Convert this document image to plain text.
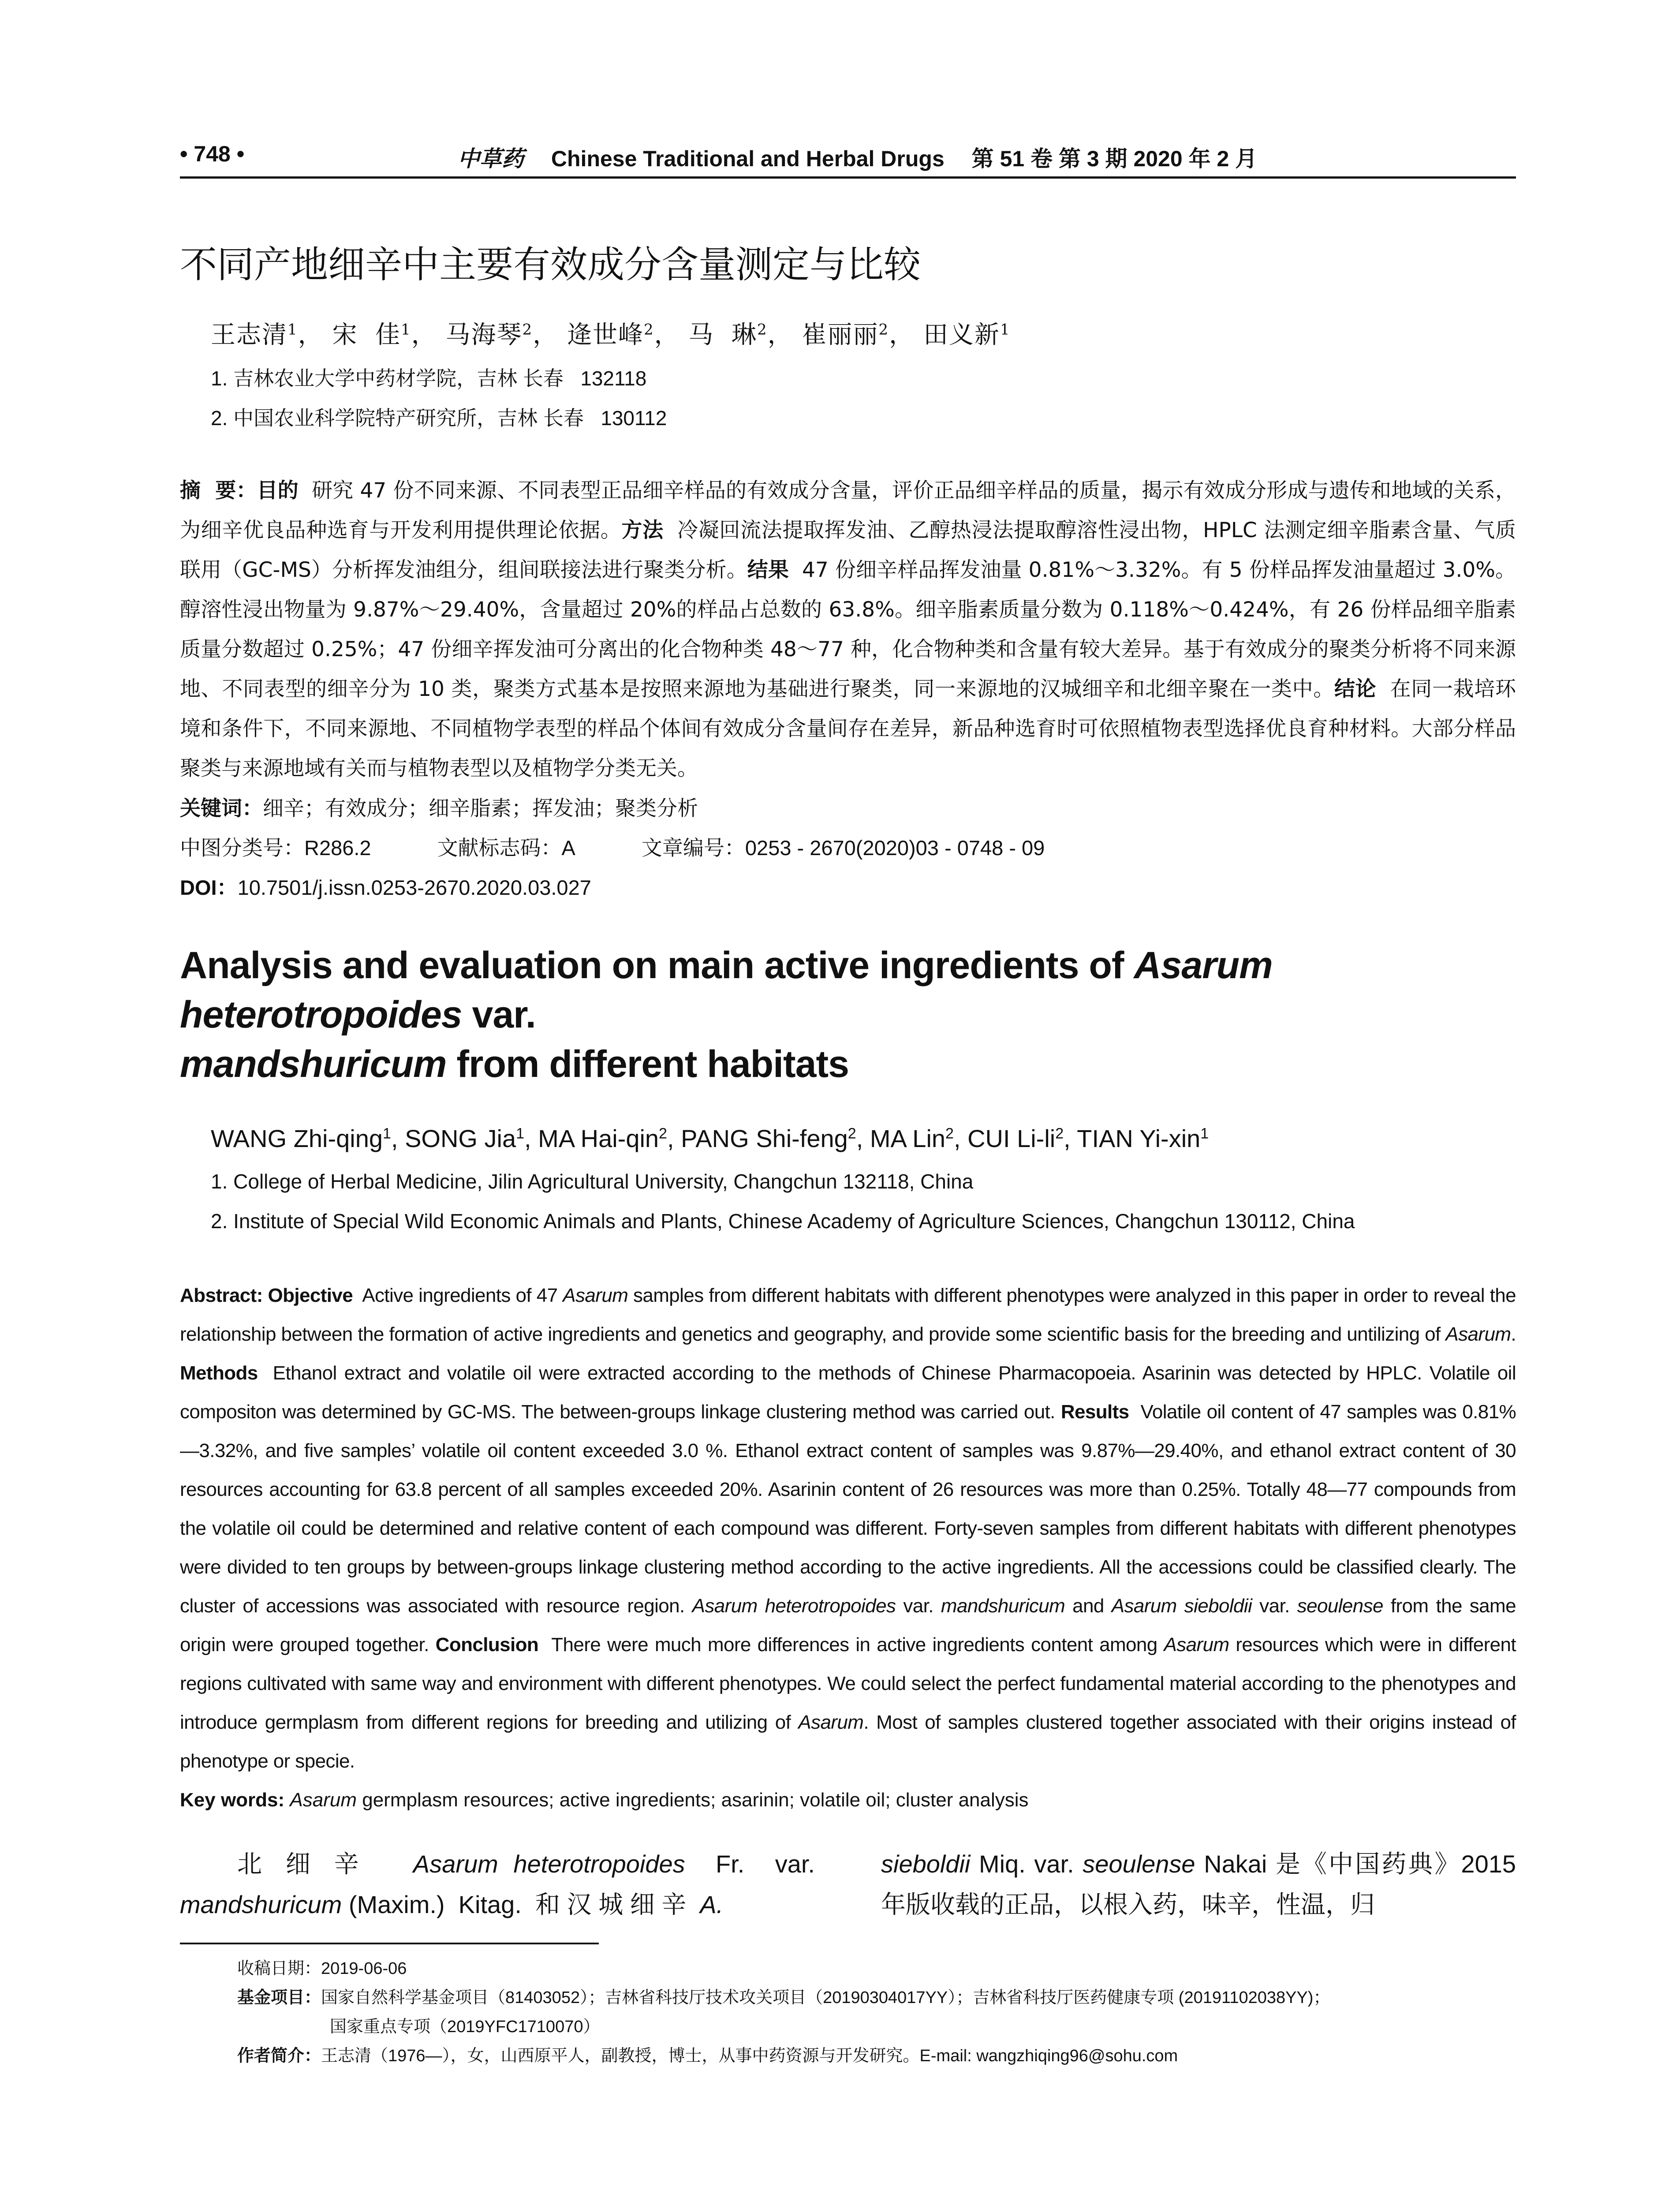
• 748 •	中草药 Chinese Traditional and Herbal Drugs 第 51 卷 第 3 期 2020 年 2 月
不同产地细辛中主要有效成分含量测定与比较
王志清$^1$， 宋  佳$^1$， 马海琴$^2$， 逄世峰$^2$， 马  琳$^2$， 崔丽丽$^2$， 田义新$^1$
1. 吉林农业大学中药材学院，吉林 长春   132118
2. 中国农业科学院特产研究所，吉林 长春   130112
摘  要：目的  研究 47 份不同来源、不同表型正品细辛样品的有效成分含量，评价正品细辛样品的质量，揭示有效成分形成与遗传和地域的关系，为细辛优良品种选育与开发利用提供理论依据。方法  冷凝回流法提取挥发油、乙醇热浸法提取醇溶性浸出物，HPLC 法测定细辛脂素含量、气质联用（GC-MS）分析挥发油组分，组间联接法进行聚类分析。结果  47 份细辛样品挥发油量 0.81%～3.32%。有 5 份样品挥发油量超过 3.0%。醇溶性浸出物量为 9.87%～29.40%，含量超过 20%的样品占总数的 63.8%。细辛脂素质量分数为 0.118%～0.424%，有 26 份样品细辛脂素质量分数超过 0.25%；47 份细辛挥发油可分离出的化合物种类 48～77 种，化合物种类和含量有较大差异。基于有效成分的聚类分析将不同来源地、不同表型的细辛分为 10 类，聚类方式基本是按照来源地为基础进行聚类，同一来源地的汉城细辛和北细辛聚在一类中。结论  在同一栽培环境和条件下，不同来源地、不同植物学表型的样品个体间有效成分含量间存在差异，新品种选育时可依照植物表型选择优良育种材料。大部分样品聚类与来源地域有关而与植物表型以及植物学分类无关。
关键词：细辛；有效成分；细辛脂素；挥发油；聚类分析
中图分类号：R286.2	文献标志码：A	文章编号：0253 - 2670(2020)03 - 0748 - 09
DOI：10.7501/j.issn.0253-2670.2020.03.027
Analysis and evaluation on main active ingredients of Asarum heterotropoides var.
mandshuricum from different habitats
WANG Zhi-qing$^1$, SONG Jia$^1$, MA Hai-qin$^2$, PANG Shi-feng$^2$, MA Lin$^2$, CUI $Li-li^2$, TIAN Yi-xin$^1$
1. College of Herbal Medicine, Jilin Agricultural University, Changchun 132118, China
2. Institute of Special Wild Economic Animals and Plants, Chinese Academy of Agriculture Sciences, Changchun 130112, China
Abstract: Objective  Active ingredients of 47 Asarum samples from different habitats with different phenotypes were analyzed in this paper in order to reveal the relationship between the formation of active ingredients and genetics and geography, and provide some scientific basis for the breeding and untilizing of Asarum. Methods  Ethanol extract and volatile oil were extracted according to the methods of Chinese Pharmacopoeia. Asarinin was detected by HPLC. Volatile oil compositon was determined by GC-MS. The between-groups linkage clustering method was carried out. Results  Volatile oil content of 47 samples was 0.81%—3.32%, and five samples’ volatile oil content exceeded 3.0 %. Ethanol extract content of samples was 9.87%—29.40%, and ethanol extract content of 30 resources accounting for 63.8 percent of all samples exceeded 20%. Asarinin content of 26 resources was more than 0.25%. Totally 48—77 compounds from the volatile oil could be determined and relative content of each compound was different. Forty-seven samples from different habitats with different phenotypes were divided to ten groups by between-groups linkage clustering method according to the active ingredients. All the accessions could be classified clearly. The cluster of accessions was associated with resource region. Asarum heterotropoides var. mandshuricum and Asarum sieboldii var. seoulense from the same origin were grouped together. Conclusion  There were much more differences in active ingredients content among Asarum resources which were in different regions cultivated with same way and environment with different phenotypes. We could select the perfect fundamental material according to the phenotypes and introduce germplasm from different regions for breeding and utilizing of Asarum. Most of samples clustered together associated with their origins instead of phenotype or specie.
Key words: Asarum germplasm resources; active ingredients; asarinin; volatile oil; cluster analysis
北 细 辛   Asarum heterotropoides  Fr.  var. mandshuricum (Maxim.)  Kitag.  和 汉 城 细 辛  A.
sieboldii Miq. var. seoulense Nakai 是《中国药典》2015 年版收载的正品，以根入药，味辛，性温，归
收稿日期：2019-06-06
基金项目：国家自然科学基金项目（81403052）；吉林省科技厅技术攻关项目（20190304017YY）；吉林省科技厅医药健康专项 (20191102038YY)；
国家重点专项（2019YFC1710070）
作者简介：王志清（1976—），女，山西原平人，副教授，博士，从事中药资源与开发研究。E-mail: wangzhiqing96@sohu.com
